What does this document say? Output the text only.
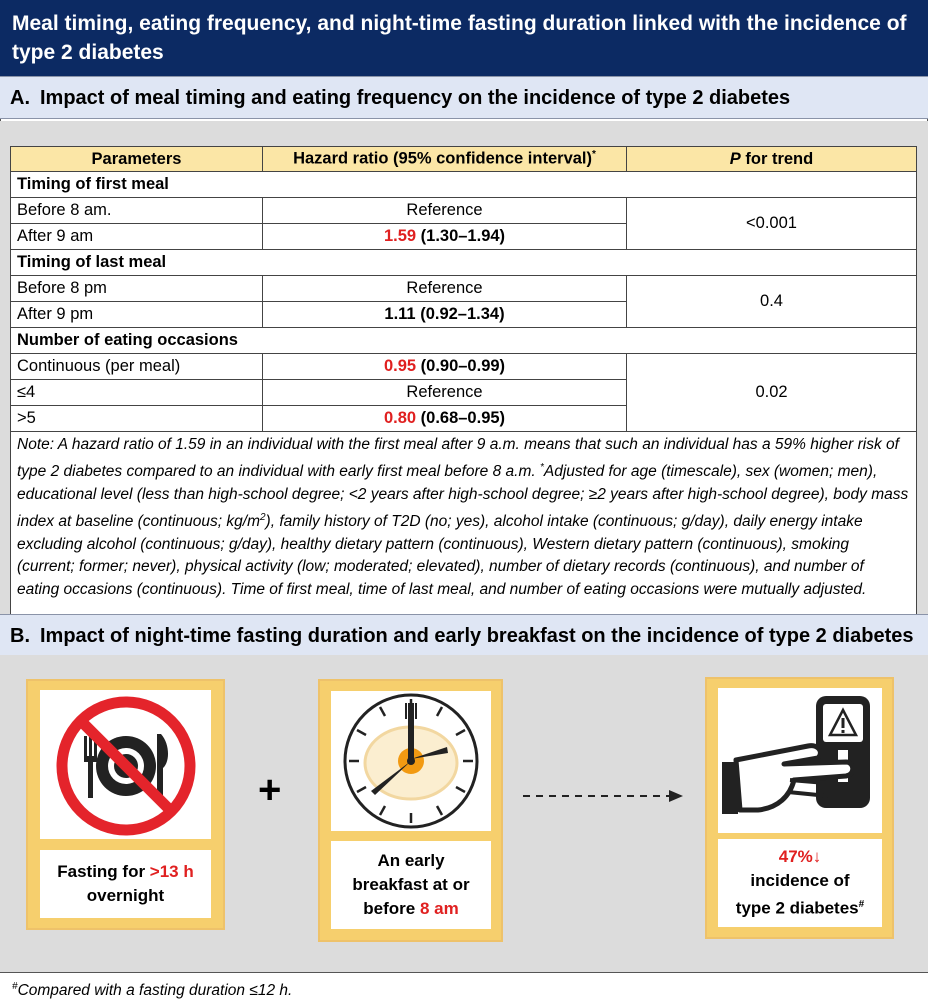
Meal timing, eating frequency, and night-time fasting duration linked with the incidence of type 2 diabetes
A. Impact of meal timing and eating frequency on the incidence of type 2 diabetes
Parameters	Hazard ratio (95% confidence interval)*	P for trend
Timing of first meal		
Before 8 am.	Reference	<0.001
After 9 am	1.59 (1.30–1.94)	
Timing of last meal		
Before 8 pm	Reference	0.4
After 9 pm	1.11 (0.92–1.34)	
Number of eating occasions		
Continuous (per meal)	0.95 (0.90–0.99)	0.02
≤4	Reference	
>5	0.80 (0.68–0.95)	
Note: A hazard ratio of 1.59 in an individual with the first meal after 9 a.m. means that such an individual has a 59% higher risk of type 2 diabetes compared to an individual with early first meal before 8 a.m. *Adjusted for age (timescale), sex (women; men), educational level (less than high-school degree; <2 years after high-school degree; ≥2 years after high-school degree), body mass index at baseline (continuous; $kg/m^2$), family history of T2D (no; yes), alcohol intake (continuous; g/day), daily energy intake excluding alcohol (continuous; g/day), healthy dietary pattern (continuous), Western dietary pattern (continuous), smoking (current; former; never), physical activity (low; moderated; elevated), number of dietary records (continuous), and number of eating occasions (continuous). Time of first meal, time of last meal, and number of eating occasions were mutually adjusted.
B. Impact of night-time fasting duration and early breakfast on the incidence of type 2 diabetes
Fasting for >13 h
overnight
+
An early
breakfast at or
before 8 am
47%↓
incidence of
type 2 diabetes#
#Compared with a fasting duration ≤12 h.
